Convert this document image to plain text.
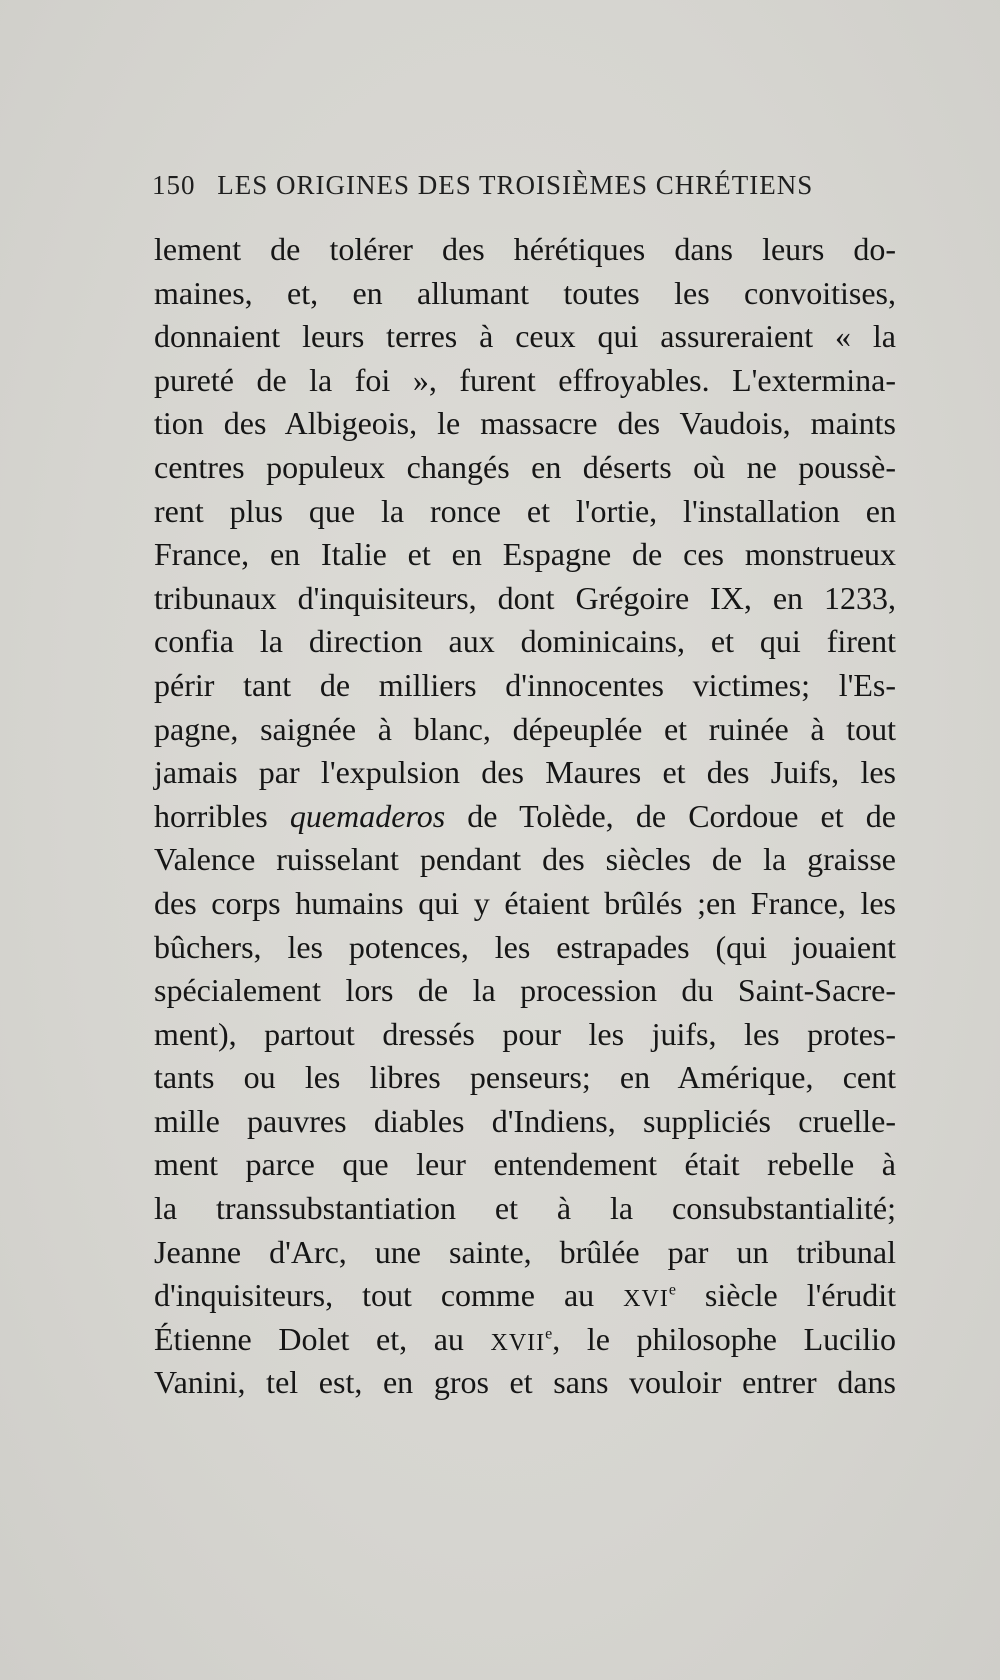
150 LES ORIGINES DES TROISIÈMES CHRÉTIENS
lement de tolérer des hérétiques dans leurs do-
maines, et, en allumant toutes les convoitises,
donnaient leurs terres à ceux qui assureraient « la
pureté de la foi », furent effroyables. L'extermina-
tion des Albigeois, le massacre des Vaudois, maints
centres populeux changés en déserts où ne poussè-
rent plus que la ronce et l'ortie, l'installation en
France, en Italie et en Espagne de ces monstrueux
tribunaux d'inquisiteurs, dont Grégoire IX, en 1233,
confia la direction aux dominicains, et qui firent
périr tant de milliers d'innocentes victimes; l'Es-
pagne, saignée à blanc, dépeuplée et ruinée à tout
jamais par l'expulsion des Maures et des Juifs, les
horribles quemaderos de Tolède, de Cordoue et de
Valence ruisselant pendant des siècles de la graisse
des corps humains qui y étaient brûlés ;en France, les
bûchers, les potences, les estrapades (qui jouaient
spécialement lors de la procession du Saint-Sacre-
ment), partout dressés pour les juifs, les protes-
tants ou les libres penseurs; en Amérique, cent
mille pauvres diables d'Indiens, suppliciés cruelle-
ment parce que leur entendement était rebelle à
la transsubstantiation et à la consubstantialité;
Jeanne d'Arc, une sainte, brûlée par un tribunal
d'inquisiteurs, tout comme au XVIe siècle l'érudit
Étienne Dolet et, au XVIIe, le philosophe Lucilio
Vanini, tel est, en gros et sans vouloir entrer dans
